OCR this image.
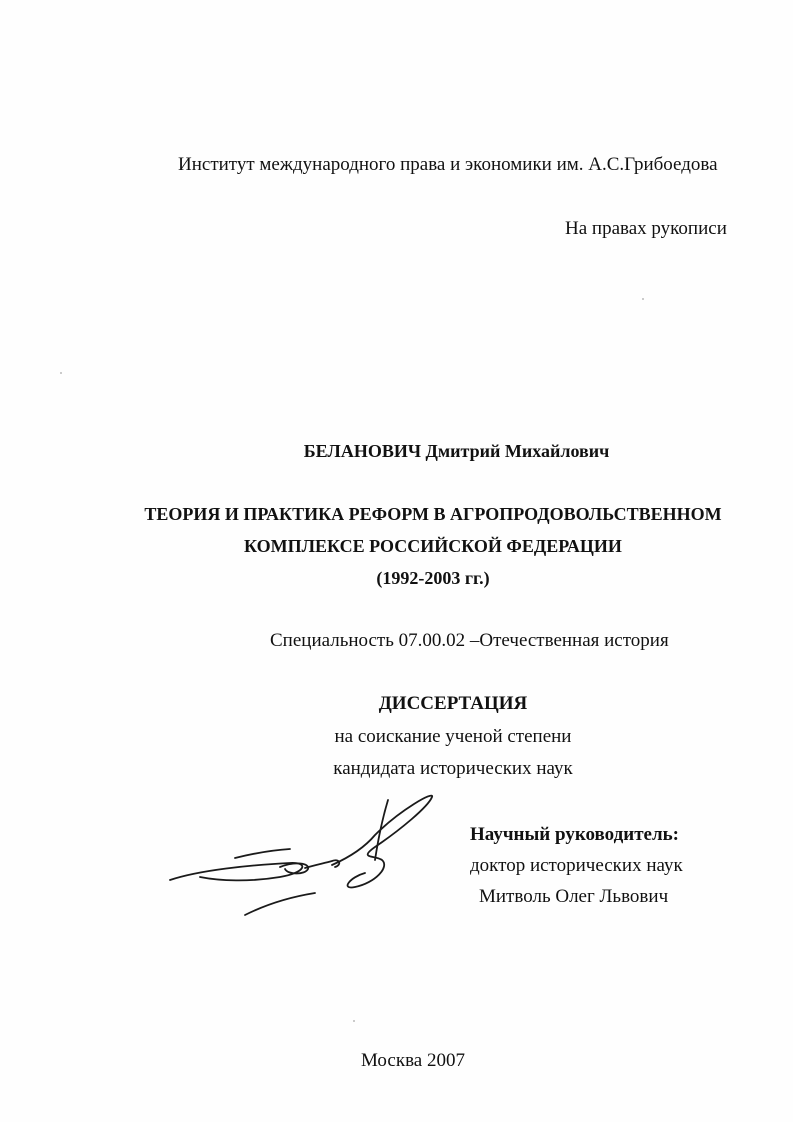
Институт международного права и экономики им. А.С.Грибоедова
На правах рукописи
БЕЛАНОВИЧ Дмитрий Михайлович
ТЕОРИЯ И ПРАКТИКА РЕФОРМ В АГРОПРОДОВОЛЬСТВЕННОМ
КОМПЛЕКСЕ РОССИЙСКОЙ ФЕДЕРАЦИИ
(1992-2003 гг.)
Специальность 07.00.02 –Отечественная история
ДИССЕРТАЦИЯ
на соискание ученой степени
кандидата исторических наук
Научный руководитель:
доктор исторических наук
Митволь Олег Львович
Москва 2007
